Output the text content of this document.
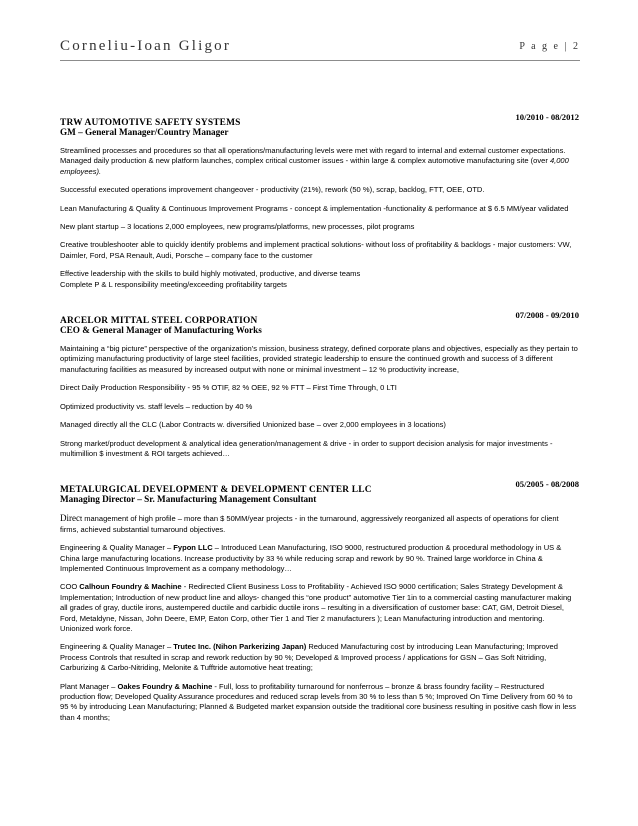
Corneliu-Ioan Gligor	P a g e | 2
TRW AUTOMOTIVE SAFETY SYSTEMS
10/2010 - 08/2012
GM – General Manager/Country Manager

Streamlined processes and procedures so that all operations/manufacturing levels were met with regard to internal and external customer expectations. Managed daily production & new platform launches, complex critical customer issues - within large & complex automotive manufacturing site (over 4,000 employees).

Successful executed operations improvement changeover - productivity (21%), rework (50 %), scrap, backlog, FTT, OEE, OTD.

Lean Manufacturing & Quality & Continuous Improvement Programs - concept & implementation -functionality & performance at $ 6.5 MM/year validated

New plant startup – 3 locations 2,000 employees, new programs/platforms, new processes, pilot programs

Creative troubleshooter able to quickly identify problems and implement practical solutions- without loss of profitability & backlogs - major customers: VW, Daimler, Ford, PSA Renault, Audi, Porsche – company face to the customer

Effective leadership with the skills to build highly motivated, productive, and diverse teams
Complete P & L responsibility meeting/exceeding profitability targets

ARCELOR MITTAL STEEL CORPORATION
07/2008 - 09/2010
CEO & General Manager of Manufacturing Works

Maintaining a “big picture” perspective of the organization’s mission, business strategy, defined corporate plans and objectives, especially as they pertain to optimizing manufacturing productivity of large steel facilities, provided strategic leadership to ensure the continued growth and success of 3 different manufacturing facilities as measured by increased output with none or minimal investment – 12 % productivity increase,

Direct Daily Production Responsibility - 95 % OTIF, 82 % OEE, 92 % FTT – First Time Through, 0 LTI

Optimized productivity vs. staff levels – reduction by 40 %

Managed directly all the CLC (Labor Contracts w. diversified Unionized base – over 2,000 employees in 3 locations)

Strong market/product development & analytical idea generation/management & drive - in order to support decision analysis for major investments - multimillion $ investment & ROI targets achieved…

METALURGICAL DEVELOPMENT & DEVELOPMENT CENTER LLC
05/2005 - 08/2008
Managing Director – Sr. Manufacturing Management Consultant

Direct management of high profile – more than $ 50MM/year projects - in the turnaround, aggressively reorganized all aspects of operations for client firms, achieved substantial turnaround objectives.

Engineering & Quality Manager – Fypon LLC – Introduced Lean Manufacturing, ISO 9000, restructured production & procedural methodology in US & China large manufacturing locations. Increase productivity by 33 % while reducing scrap and rework by 90 %. Trained large workforce in China & Implemented Continuous Improvement as a company methodology…

COO Calhoun Foundry & Machine - Redirected Client Business Loss to Profitability - Achieved ISO 9000 certification; Sales Strategy Development & Implementation; Introduction of new product line and alloys- changed this “one product” automotive Tier 1in to a commercial casting manufacturer making all grades of gray, ductile irons, austempered ductile and carbidic ductile irons – resulting in a diversification of customer base: CAT, GM, Detroit Diesel, Ford, Metaldyne, Nissan, John Deere, EMP, Eaton Corp, other Tier 1 and Tier 2 manufacturers ); Lean Manufacturing introduction and mentoring. Unionized work force.

Engineering & Quality Manager – Trutec Inc. (Nihon Parkerizing Japan) Reduced Manufacturing cost by introducing Lean Manufacturing; Improved Process Controls that resulted in scrap and rework reduction by 90 %; Developed & Improved process / applications for GSN – Gas Soft Nitriding, Carburizing & Carbo-Nitriding, Melonite & Tufftride automotive heat treating;

Plant Manager – Oakes Foundry & Machine - Full, loss to profitability turnaround for nonferrous – bronze & brass foundry facility – Restructured production flow; Developed Quality Assurance procedures and reduced scrap levels from 30 % to less than 5 %; Improved On Time Delivery from 60 % to 95 % by introducing Lean Manufacturing; Planned & Budgeted market expansion outside the traditional core business resulting in positive cash flow in less than 4 months;
